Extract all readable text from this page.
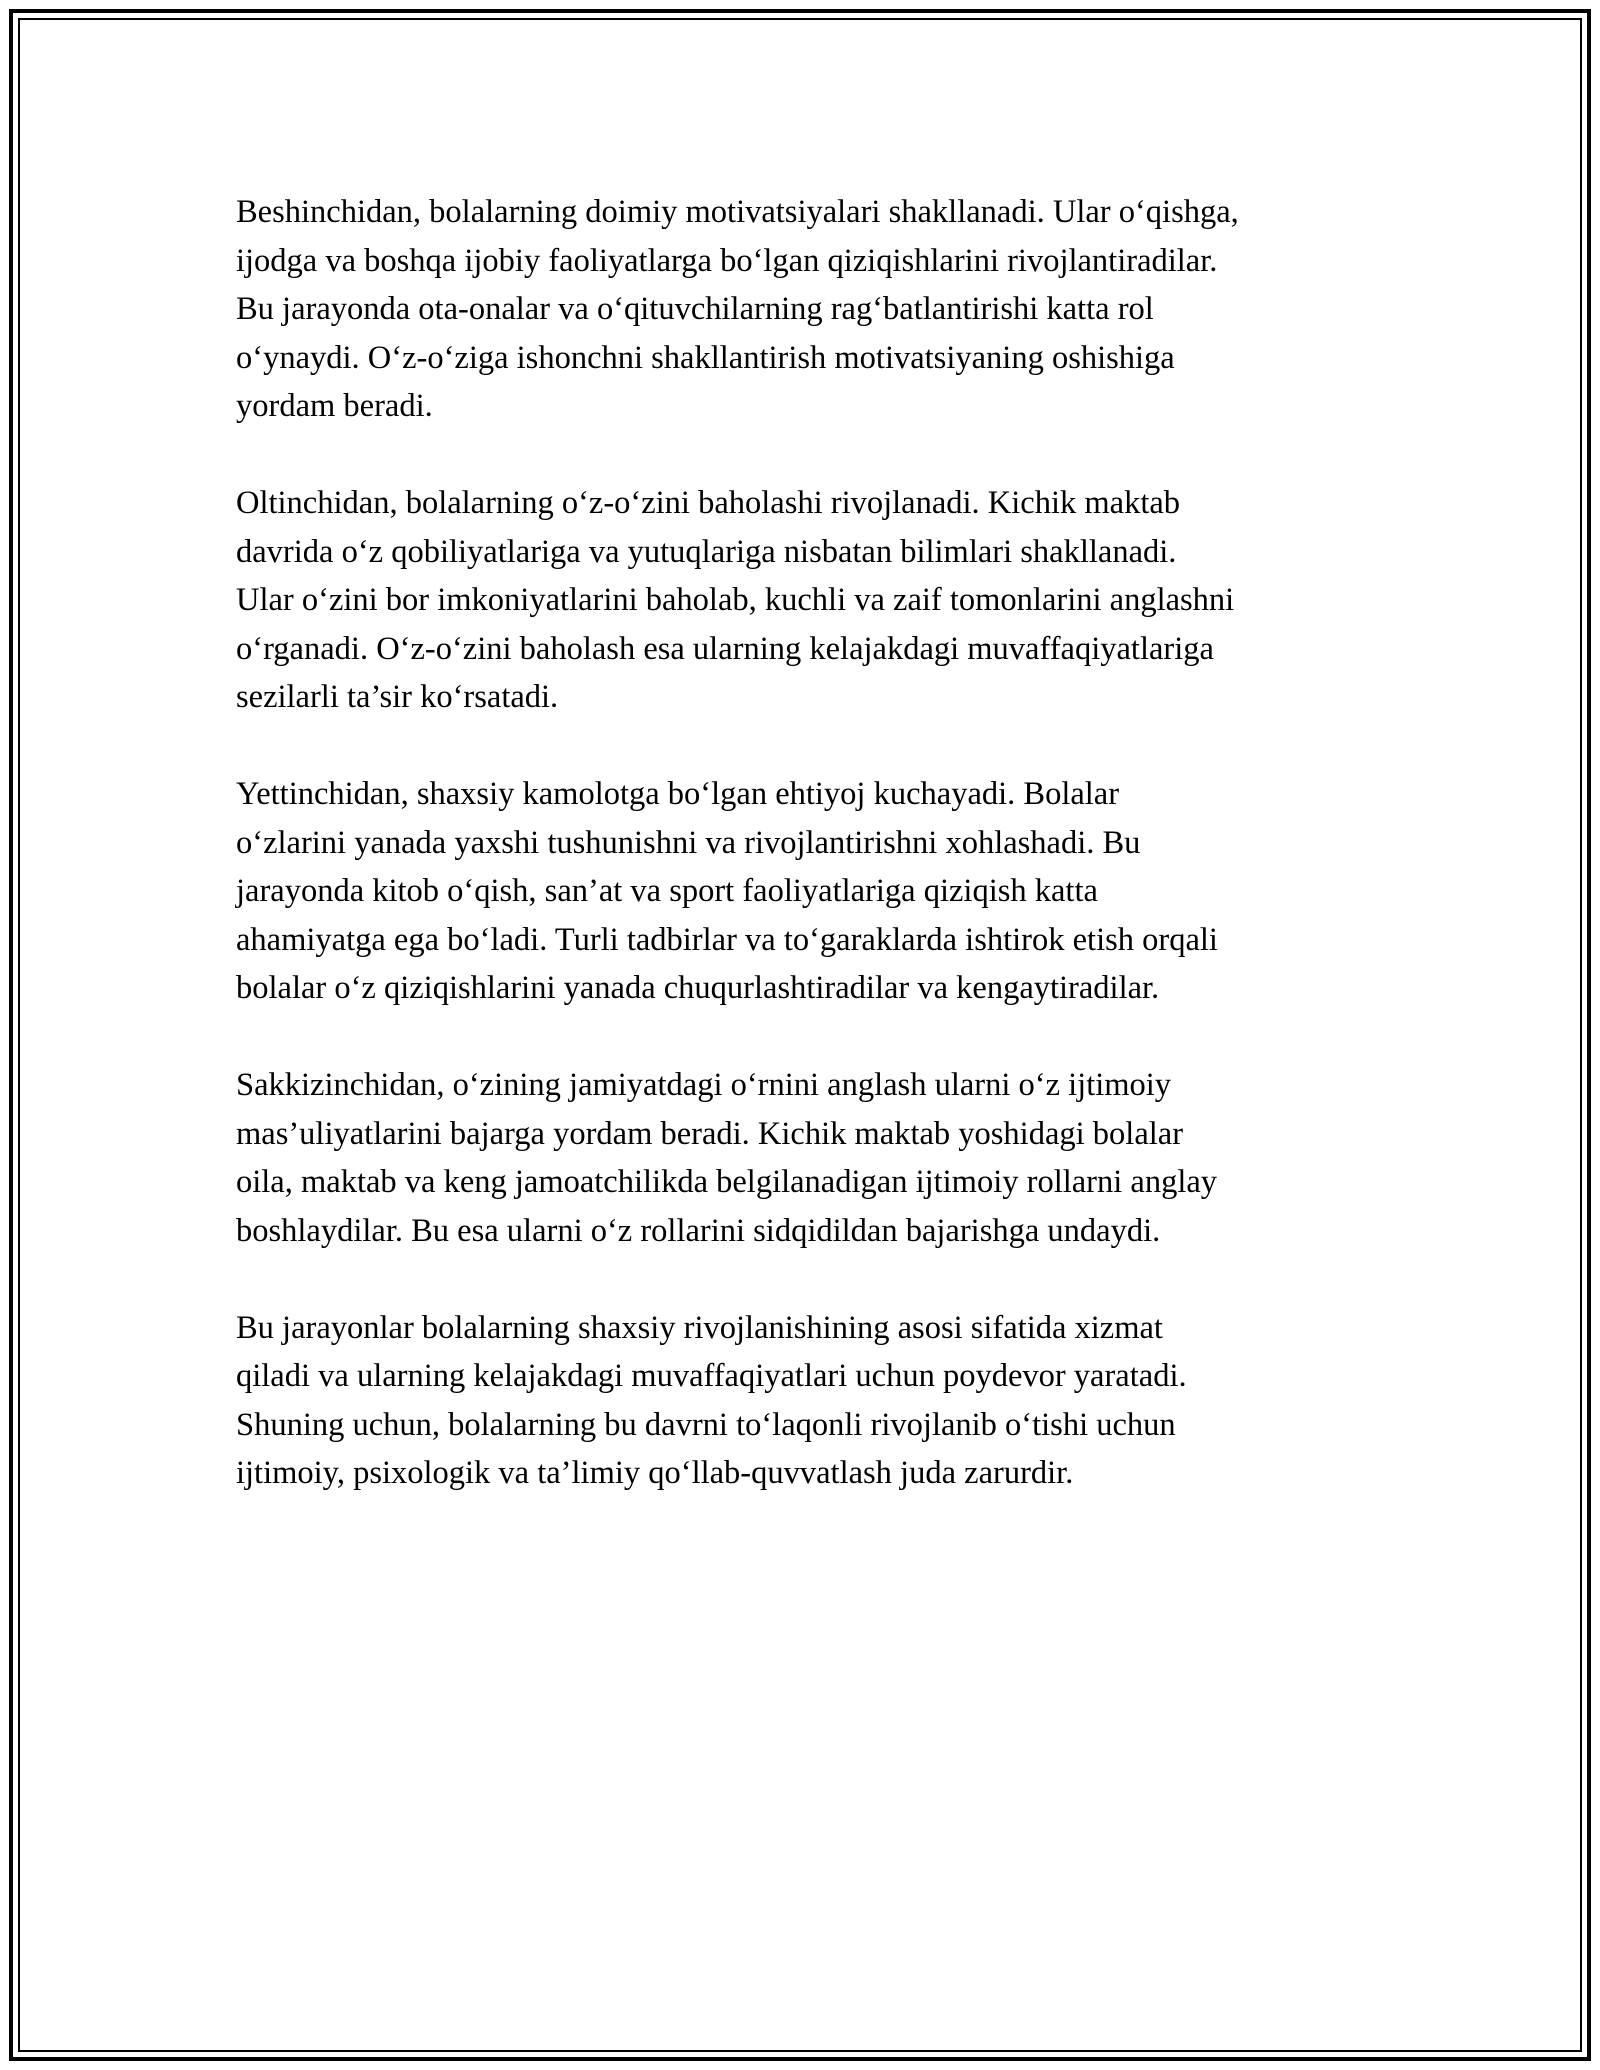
Beshinchidan, bolalarning doimiy motivatsiyalari shakllanadi. Ular o‘qishga,
ijodga va boshqa ijobiy faoliyatlarga bo‘lgan qiziqishlarini rivojlantiradilar.
Bu jarayonda ota-onalar va o‘qituvchilarning rag‘batlantirishi katta rol
o‘ynaydi. O‘z-o‘ziga ishonchni shakllantirish motivatsiyaning oshishiga
yordam beradi.

Oltinchidan, bolalarning o‘z-o‘zini baholashi rivojlanadi. Kichik maktab
davrida o‘z qobiliyatlariga va yutuqlariga nisbatan bilimlari shakllanadi.
Ular o‘zini bor imkoniyatlarini baholab, kuchli va zaif tomonlarini anglashni
o‘rganadi. O‘z-o‘zini baholash esa ularning kelajakdagi muvaffaqiyatlariga
sezilarli ta’sir ko‘rsatadi.

Yettinchidan, shaxsiy kamolotga bo‘lgan ehtiyoj kuchayadi. Bolalar
o‘zlarini yanada yaxshi tushunishni va rivojlantirishni xohlashadi. Bu
jarayonda kitob o‘qish, san’at va sport faoliyatlariga qiziqish katta
ahamiyatga ega bo‘ladi. Turli tadbirlar va to‘garaklarda ishtirok etish orqali
bolalar o‘z qiziqishlarini yanada chuqurlashtiradilar va kengaytiradilar.

Sakkizinchidan, o‘zining jamiyatdagi o‘rnini anglash ularni o‘z ijtimoiy
mas’uliyatlarini bajarga yordam beradi. Kichik maktab yoshidagi bolalar
oila, maktab va keng jamoatchilikda belgilanadigan ijtimoiy rollarni anglay
boshlaydilar. Bu esa ularni o‘z rollarini sidqidildan bajarishga undaydi.

Bu jarayonlar bolalarning shaxsiy rivojlanishining asosi sifatida xizmat
qiladi va ularning kelajakdagi muvaffaqiyatlari uchun poydevor yaratadi.
Shuning uchun, bolalarning bu davrni to‘laqonli rivojlanib o‘tishi uchun
ijtimoiy, psixologik va ta’limiy qo‘llab-quvvatlash juda zarurdir.
